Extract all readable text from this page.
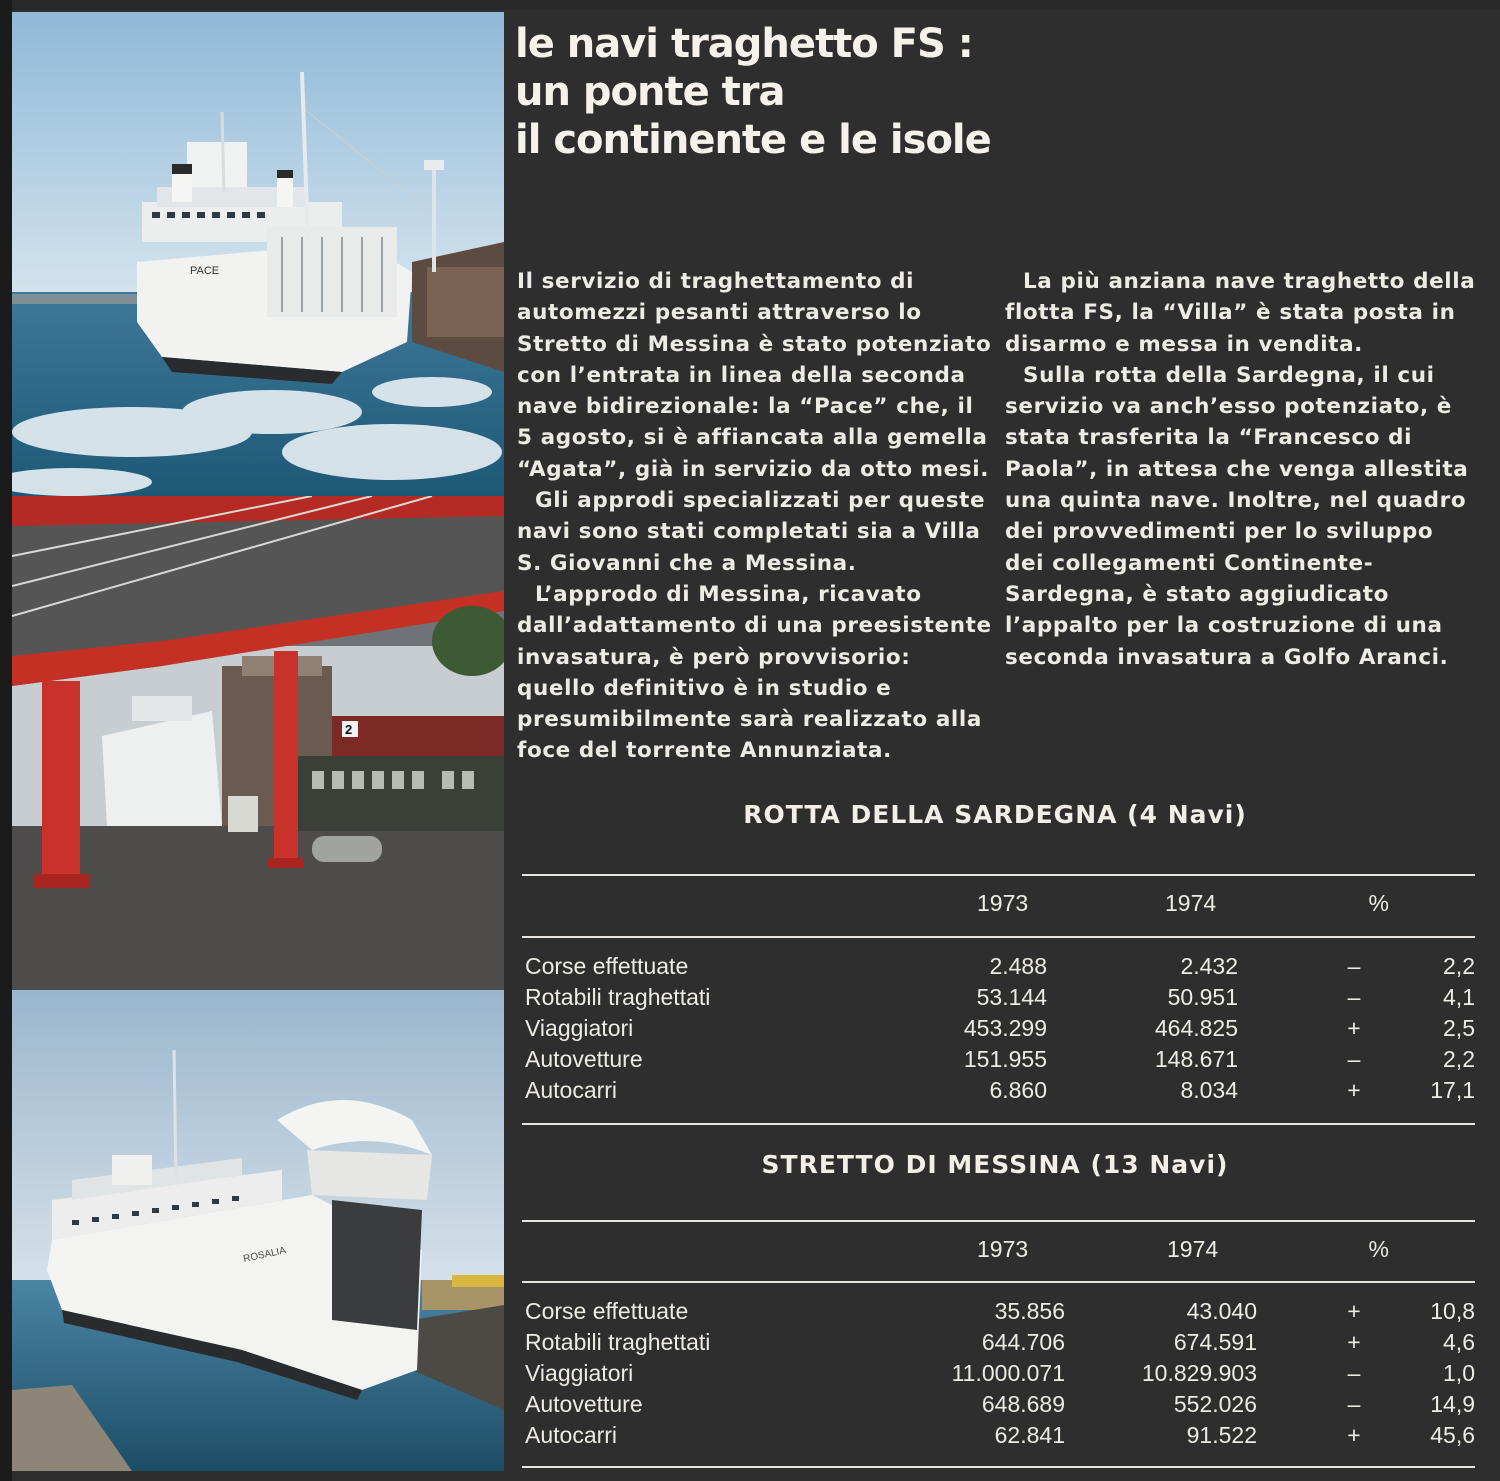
PACE
2
ROSALIA
le navi traghetto FS :
un ponte tra
il continente e le isole
Il servizio di traghettamento di
automezzi pesanti attraverso lo
Stretto di Messina è stato potenziato
con l’entrata in linea della seconda
nave bidirezionale: la “Pace” che, il
5 agosto, si è affiancata alla gemella
“Agata”, già in servizio da otto mesi.
Gli approdi specializzati per queste
navi sono stati completati sia a Villa
S. Giovanni che a Messina.
L’approdo di Messina, ricavato
dall’adattamento di una preesistente
invasatura, è però provvisorio:
quello definitivo è in studio e
presumibilmente sarà realizzato alla
foce del torrente Annunziata.
La più anziana nave traghetto della
flotta FS, la “Villa” è stata posta in
disarmo e messa in vendita.
Sulla rotta della Sardegna, il cui
servizio va anch’esso potenziato, è
stata trasferita la “Francesco di
Paola”, in attesa che venga allestita
una quinta nave. Inoltre, nel quadro
dei provvedimenti per lo sviluppo
dei collegamenti Continente-
Sardegna, è stato aggiudicato
l’appalto per la costruzione di una
seconda invasatura a Golfo Aranci.
ROTTA DELLA SARDEGNA (4 Navi)
1973	1974	%
Corse effettuate	2.488	2.432	–	2,2
Rotabili traghettati	53.144	50.951	–	4,1
Viaggiatori	453.299	464.825	+	2,5
Autovetture	151.955	148.671	–	2,2
Autocarri	6.860	8.034	+	17,1
STRETTO DI MESSINA (13 Navi)
1973	1974	%
Corse effettuate	35.856	43.040	+	10,8
Rotabili traghettati	644.706	674.591	+	4,6
Viaggiatori	11.000.071	10.829.903	–	1,0
Autovetture	648.689	552.026	–	14,9
Autocarri	62.841	91.522	+	45,6
